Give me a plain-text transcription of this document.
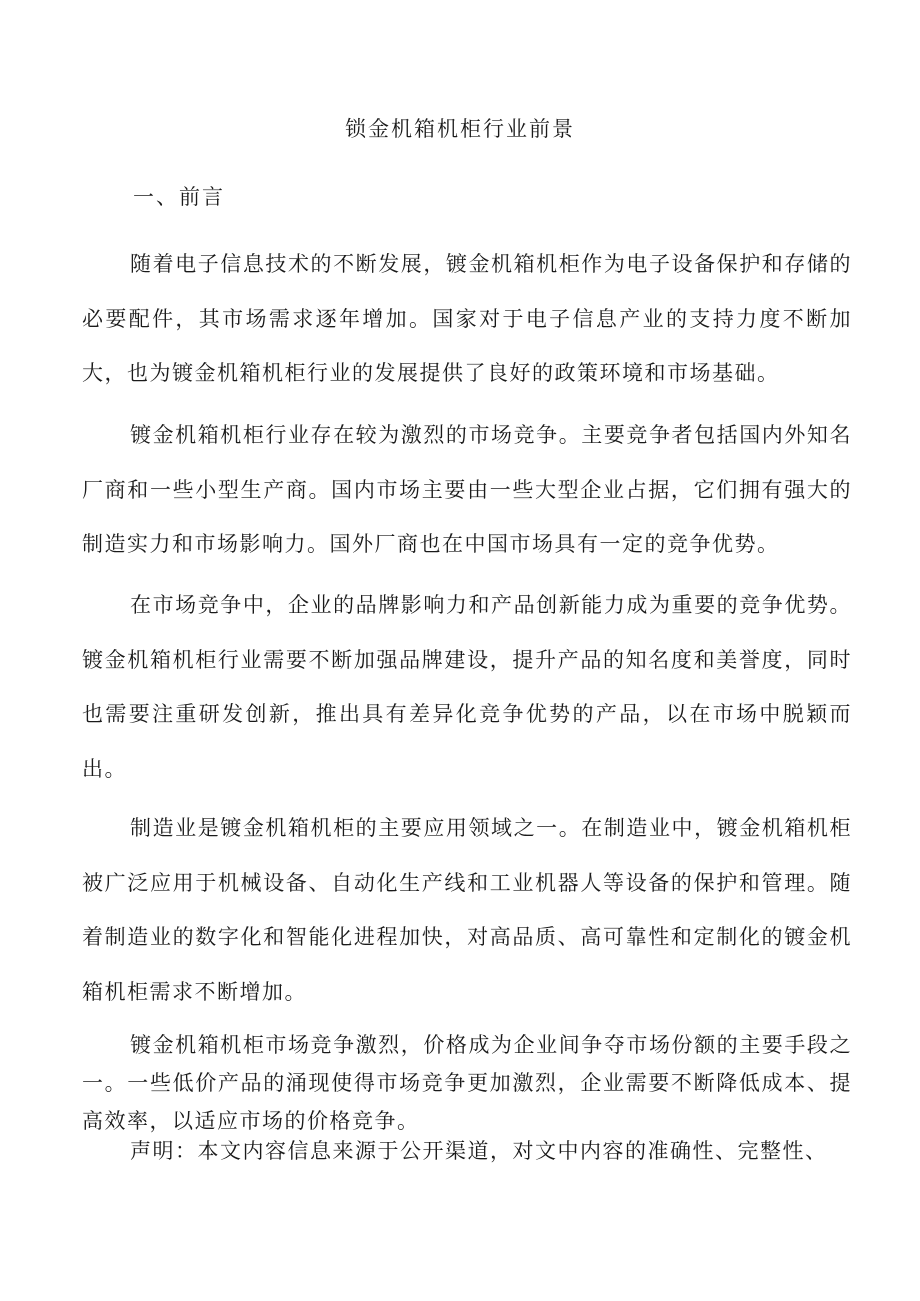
锁金机箱机柜行业前景
一、前言

随着电子信息技术的不断发展，镀金机箱机柜作为电子设备保护和存储的必要配件，其市场需求逐年增加。国家对于电子信息产业的支持力度不断加大，也为镀金机箱机柜行业的发展提供了良好的政策环境和市场基础。

镀金机箱机柜行业存在较为激烈的市场竞争。主要竞争者包括国内外知名厂商和一些小型生产商。国内市场主要由一些大型企业占据，它们拥有强大的制造实力和市场影响力。国外厂商也在中国市场具有一定的竞争优势。

在市场竞争中，企业的品牌影响力和产品创新能力成为重要的竞争优势。镀金机箱机柜行业需要不断加强品牌建设，提升产品的知名度和美誉度，同时也需要注重研发创新，推出具有差异化竞争优势的产品，以在市场中脱颖而出。

制造业是镀金机箱机柜的主要应用领域之一。在制造业中，镀金机箱机柜被广泛应用于机械设备、自动化生产线和工业机器人等设备的保护和管理。随着制造业的数字化和智能化进程加快，对高品质、高可靠性和定制化的镀金机箱机柜需求不断增加。

镀金机箱机柜市场竞争激烈，价格成为企业间争夺市场份额的主要手段之一。一些低价产品的涌现使得市场竞争更加激烈，企业需要不断降低成本、提高效率，以适应市场的价格竞争。

声明：本文内容信息来源于公开渠道，对文中内容的准确性、完整性、
